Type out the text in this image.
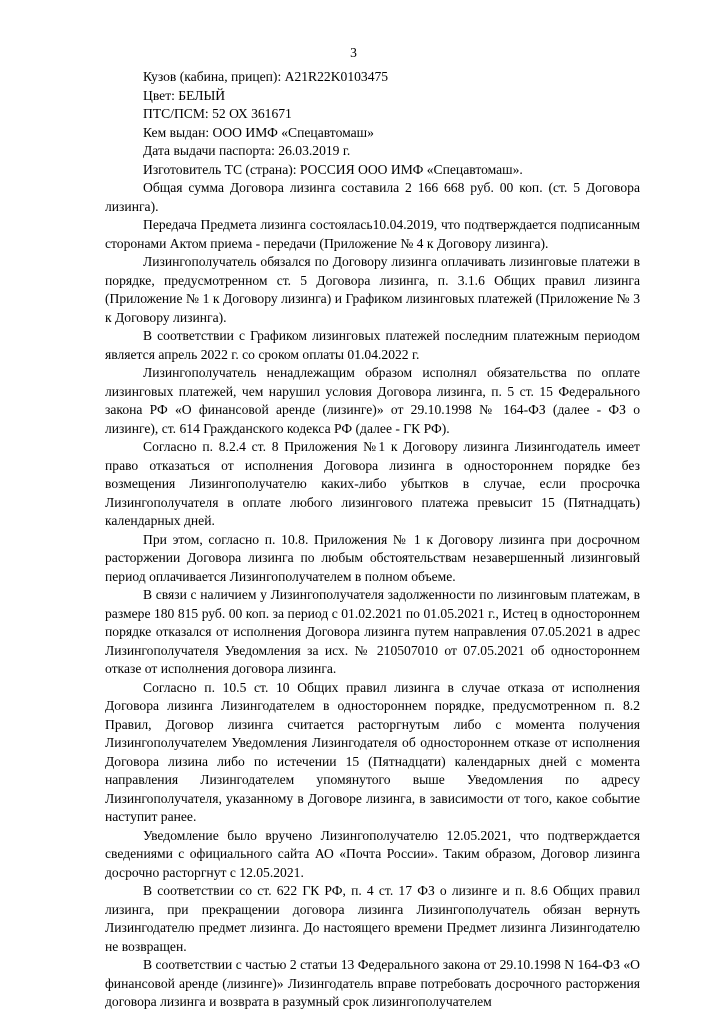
3

Кузов (кабина, прицеп): A21R22K0103475

Цвет: БЕЛЫЙ

ПТС/ПСМ: 52 ОХ 361671

Кем выдан: ООО ИМФ «Спецавтомаш»

Дата выдачи паспорта: 26.03.2019 г.

Изготовитель ТС (страна): РОССИЯ ООО ИМФ «Спецавтомаш».

Общая сумма Договора лизинга составила 2 166 668 руб. 00 коп. (ст. 5 Договора лизинга).

Передача Предмета лизинга состоялась10.04.2019, что подтверждается подписанным сторонами Актом приема - передачи (Приложение № 4 к Договору лизинга).

Лизингополучатель обязался по Договору лизинга оплачивать лизинговые платежи в порядке, предусмотренном ст. 5 Договора лизинга, п. 3.1.6 Общих правил лизинга (Приложение № 1 к Договору лизинга) и Графиком лизинговых платежей (Приложение № 3 к Договору лизинга).

В соответствии с Графиком лизинговых платежей последним платежным периодом является апрель 2022 г. со сроком оплаты 01.04.2022 г.

Лизингополучатель ненадлежащим образом исполнял обязательства по оплате лизинговых платежей, чем нарушил условия Договора лизинга, п. 5 ст. 15 Федерального закона РФ «О финансовой аренде (лизинге)» от 29.10.1998 № 164-ФЗ (далее - ФЗ о лизинге), ст. 614 Гражданского кодекса РФ (далее - ГК РФ).

Согласно п. 8.2.4 ст. 8 Приложения №1 к Договору лизинга Лизингодатель имеет право отказаться от исполнения Договора лизинга в одностороннем порядке без возмещения Лизингополучателю каких-либо убытков в случае, если просрочка Лизингополучателя в оплате любого лизингового платежа превысит 15 (Пятнадцать) календарных дней.

При этом, согласно п. 10.8. Приложения № 1 к Договору лизинга при досрочном расторжении Договора лизинга по любым обстоятельствам незавершенный лизинговый период оплачивается Лизингополучателем в полном объеме.

В связи с наличием у Лизингополучателя задолженности по лизинговым платежам, в размере 180 815 руб. 00 коп. за период с 01.02.2021 по 01.05.2021 г., Истец в одностороннем порядке отказался от исполнения Договора лизинга путем направления 07.05.2021 в адрес Лизингополучателя Уведомления за исх. № 210507010 от 07.05.2021 об одностороннем отказе от исполнения договора лизинга.

Согласно п. 10.5 ст. 10 Общих правил лизинга в случае отказа от исполнения Договора лизинга Лизингодателем в одностороннем порядке, предусмотренном п. 8.2 Правил, Договор лизинга считается расторгнутым либо с момента получения Лизингополучателем Уведомления Лизингодателя об одностороннем отказе от исполнения Договора лизина либо по истечении 15 (Пятнадцати) календарных дней с момента направления Лизингодателем упомянутого выше Уведомления по адресу Лизингополучателя, указанному в Договоре лизинга, в зависимости от того, какое событие наступит ранее.

Уведомление было вручено Лизингополучателю 12.05.2021, что подтверждается сведениями с официального сайта АО «Почта России». Таким образом, Договор лизинга досрочно расторгнут с 12.05.2021.

В соответствии со ст. 622 ГК РФ, п. 4 ст. 17 ФЗ о лизинге и п. 8.6 Общих правил лизинга, при прекращении договора лизинга Лизингополучатель обязан вернуть Лизингодателю предмет лизинга. До настоящего времени Предмет лизинга Лизингодателю не возвращен.

В соответствии с частью 2 статьи 13 Федерального закона от 29.10.1998 N 164-ФЗ «О финансовой аренде (лизинге)» Лизингодатель вправе потребовать досрочного расторжения договора лизинга и возврата в разумный срок лизингополучателем
